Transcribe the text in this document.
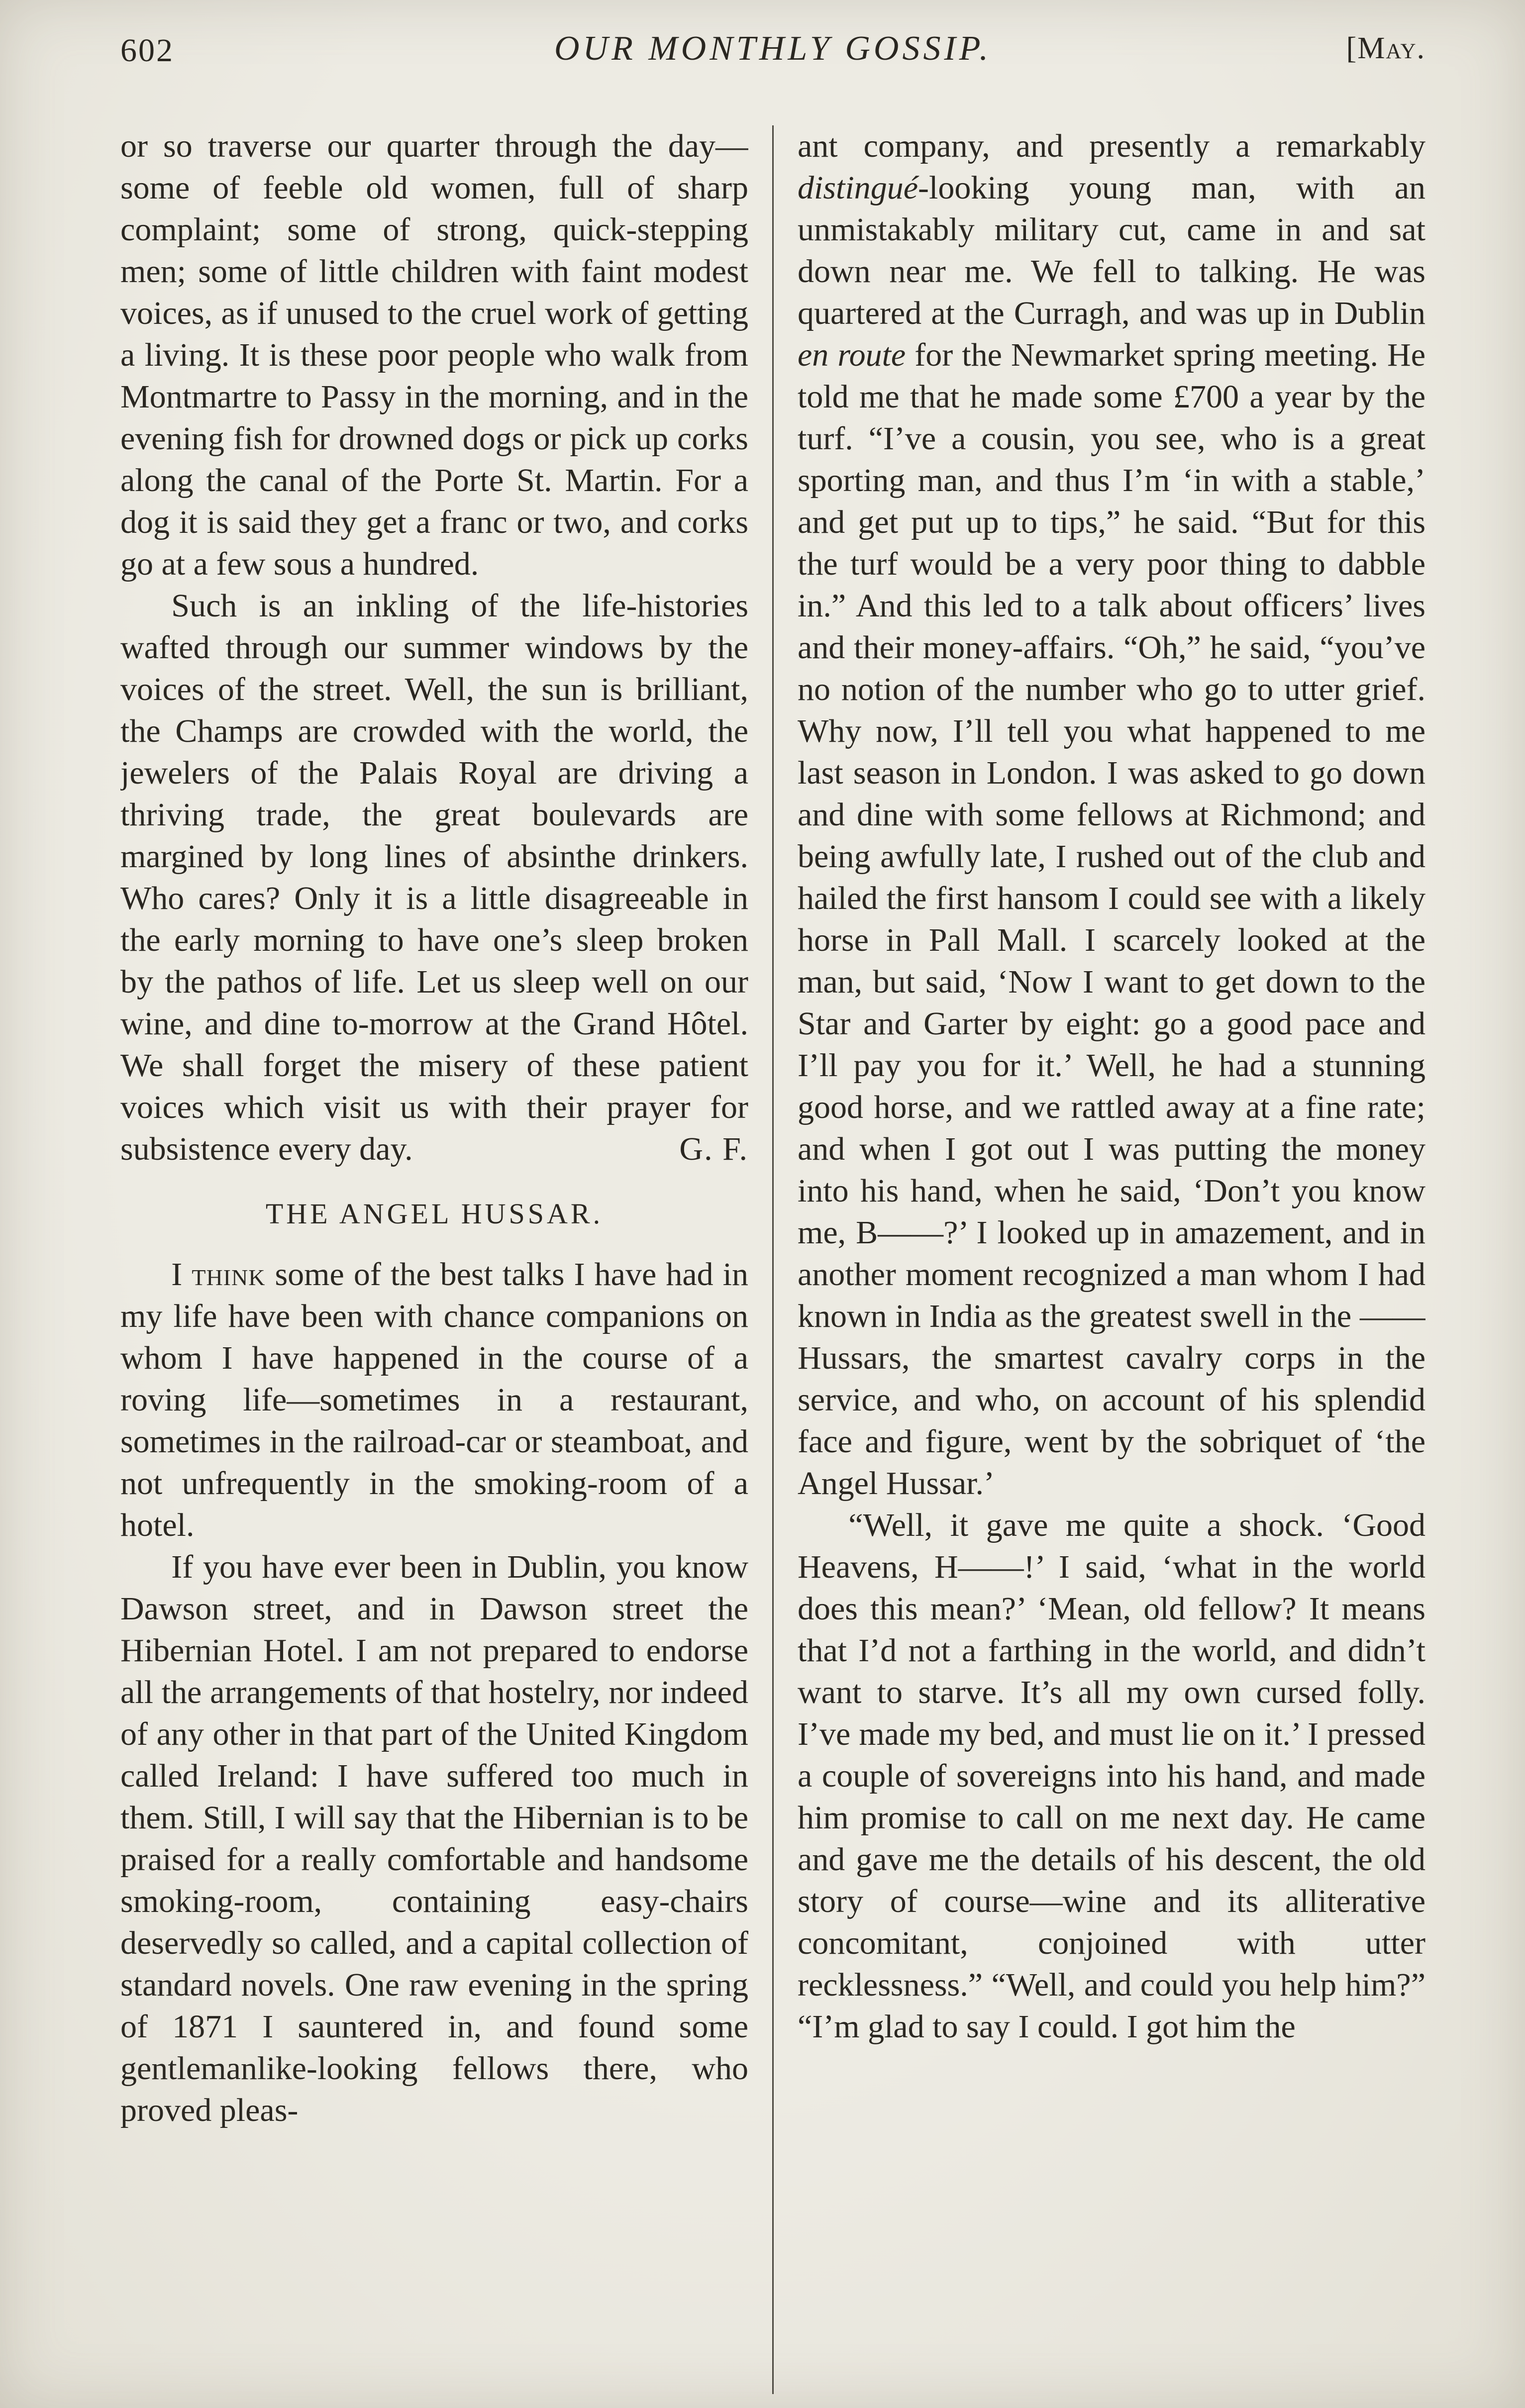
602	OUR MONTHLY GOSSIP.	[May.

or so traverse our quarter through the day—some of feeble old women, full of sharp complaint; some of strong, quick-stepping men; some of little children with faint modest voices, as if unused to the cruel work of getting a living. It is these poor people who walk from Montmartre to Passy in the morning, and in the evening fish for drowned dogs or pick up corks along the canal of the Porte St. Martin. For a dog it is said they get a franc or two, and corks go at a few sous a hundred.

Such is an inkling of the life-histories wafted through our summer windows by the voices of the street. Well, the sun is brilliant, the Champs are crowded with the world, the jewelers of the Palais Royal are driving a thriving trade, the great boulevards are margined by long lines of absinthe drinkers. Who cares? Only it is a little disagreeable in the early morning to have one’s sleep broken by the pathos of life. Let us sleep well on our wine, and dine to-morrow at the Grand Hôtel. We shall forget the misery of these patient voices which visit us with their prayer for subsistence every day.	G. F.

THE ANGEL HUSSAR.

I think some of the best talks I have had in my life have been with chance companions on whom I have happened in the course of a roving life—sometimes in a restaurant, sometimes in the railroad-car or steamboat, and not unfrequently in the smoking-room of a hotel.

If you have ever been in Dublin, you know Dawson street, and in Dawson street the Hibernian Hotel. I am not prepared to endorse all the arrangements of that hostelry, nor indeed of any other in that part of the United Kingdom called Ireland: I have suffered too much in them. Still, I will say that the Hibernian is to be praised for a really comfortable and handsome smoking-room, containing easy-chairs deservedly so called, and a capital collection of standard novels. One raw evening in the spring of 1871 I sauntered in, and found some gentlemanlike-looking fellows there, who proved pleas-

ant company, and presently a remarkably distingué-looking young man, with an unmistakably military cut, came in and sat down near me. We fell to talking. He was quartered at the Curragh, and was up in Dublin en route for the Newmarket spring meeting. He told me that he made some £700 a year by the turf. “I’ve a cousin, you see, who is a great sporting man, and thus I’m ‘in with a stable,’ and get put up to tips,” he said. “But for this the turf would be a very poor thing to dabble in.” And this led to a talk about officers’ lives and their money-affairs. “Oh,” he said, “you’ve no notion of the number who go to utter grief. Why now, I’ll tell you what happened to me last season in London. I was asked to go down and dine with some fellows at Richmond; and being awfully late, I rushed out of the club and hailed the first hansom I could see with a likely horse in Pall Mall. I scarcely looked at the man, but said, ‘Now I want to get down to the Star and Garter by eight: go a good pace and I’ll pay you for it.’ Well, he had a stunning good horse, and we rattled away at a fine rate; and when I got out I was putting the money into his hand, when he said, ‘Don’t you know me, B——?’ I looked up in amazement, and in another moment recognized a man whom I had known in India as the greatest swell in the —— Hussars, the smartest cavalry corps in the service, and who, on account of his splendid face and figure, went by the sobriquet of ‘the Angel Hussar.’

“Well, it gave me quite a shock. ‘Good Heavens, H——!’ I said, ‘what in the world does this mean?’ ‘Mean, old fellow? It means that I’d not a farthing in the world, and didn’t want to starve. It’s all my own cursed folly. I’ve made my bed, and must lie on it.’ I pressed a couple of sovereigns into his hand, and made him promise to call on me next day. He came and gave me the details of his descent, the old story of course—wine and its alliterative concomitant, conjoined with utter recklessness.” “Well, and could you help him?” “I’m glad to say I could. I got him the
